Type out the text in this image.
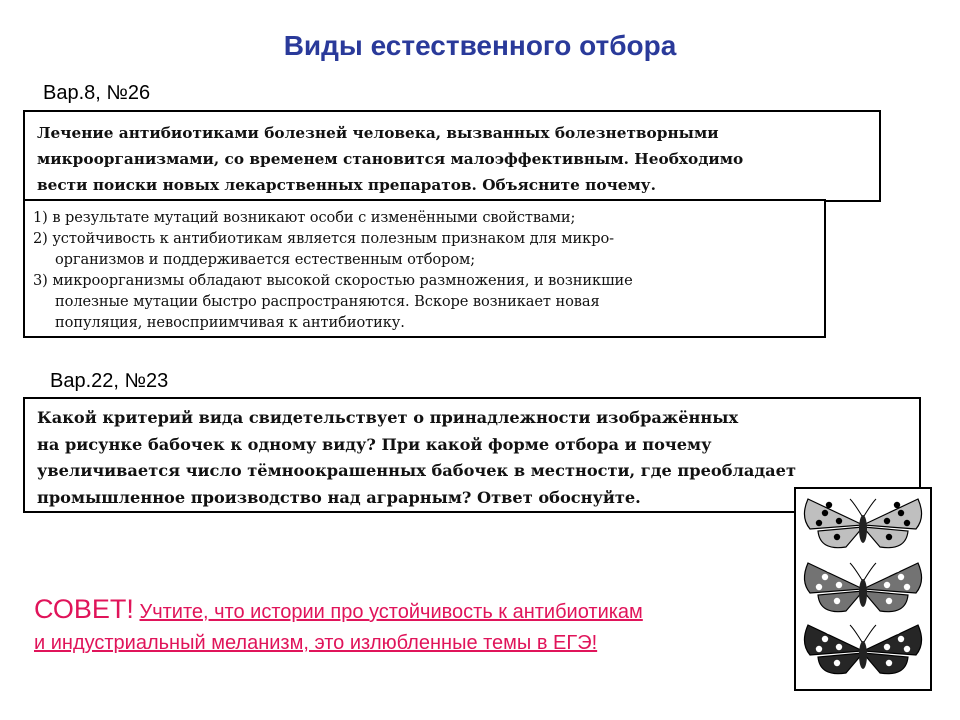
Виды естественного отбора
Вар.8, №26
Лечение антибиотиками болезней человека, вызванных болезнетворными
микроорганизмами, со временем становится малоэффективным. Необходимо
вести поиски новых лекарственных препаратов. Объясните почему.
1) в результате мутаций возникают особи с изменёнными свойствами;
2) устойчивость к антибиотикам является полезным признаком для микро-
организмов и поддерживается естественным отбором;
3) микроорганизмы обладают высокой скоростью размножения, и возникшие
полезные мутации быстро распространяются. Вскоре возникает новая
популяция, невосприимчивая к антибиотику.
Вар.22, №23
Какой критерий вида свидетельствует о принадлежности изображённых
на рисунке бабочек к одному виду? При какой форме отбора и почему
увеличивается число тёмноокрашенных бабочек в местности, где преобладает
промышленное производство над аграрным? Ответ обоснуйте.
СОВЕТ! Учтите, что истории про устойчивость к антибиотикам
и индустриальный меланизм, это излюбленные темы в ЕГЭ!
